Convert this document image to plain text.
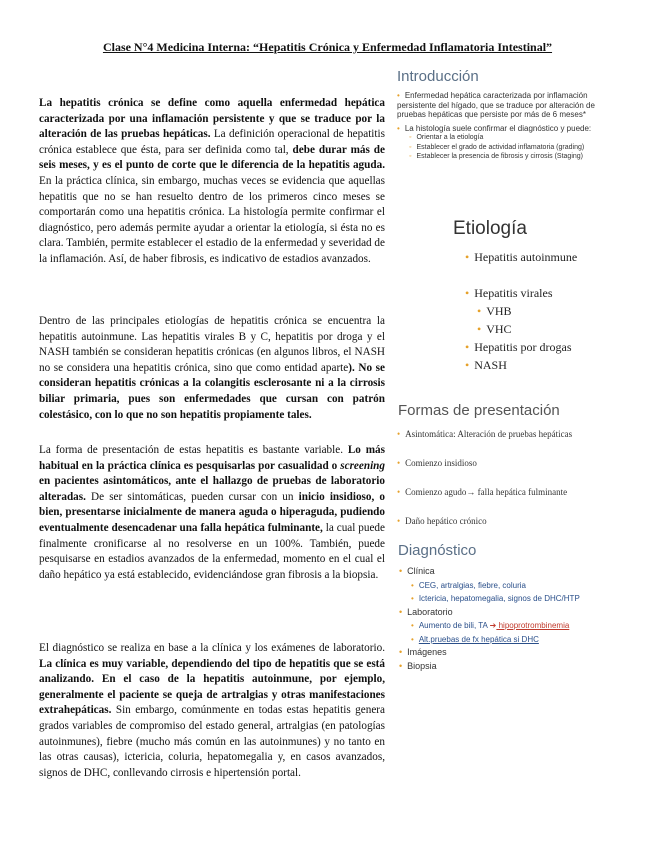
Clase N°4 Medicina Interna: “Hepatitis Crónica y Enfermedad Inflamatoria Intestinal”

La hepatitis crónica se define como aquella enfermedad hepática caracterizada por una inflamación persistente y que se traduce por la alteración de las pruebas hepáticas. La definición operacional de hepatitis crónica establece que ésta, para ser definida como tal, debe durar más de seis meses, y es el punto de corte que le diferencia de la hepatitis aguda. En la práctica clínica, sin embargo, muchas veces se evidencia que aquellas hepatitis que no se han resuelto dentro de los primeros cinco meses se comportarán como una hepatitis crónica. La histología permite confirmar el diagnóstico, pero además permite ayudar a orientar la etiología, si ésta no es clara. También, permite establecer el estadio de la enfermedad y severidad de la inflamación. Así, de haber fibrosis, es indicativo de estadios avanzados.

Dentro de las principales etiologías de hepatitis crónica se encuentra la hepatitis autoinmune. Las hepatitis virales B y C, hepatitis por droga y el NASH también se consideran hepatitis crónicas (en algunos libros, el NASH no se considera una hepatitis crónica, sino que como entidad aparte). No se consideran hepatitis crónicas a la colangitis esclerosante ni a la cirrosis biliar primaria, pues son enfermedades que cursan con patrón colestásico, con lo que no son hepatitis propiamente tales.

La forma de presentación de estas hepatitis es bastante variable. Lo más habitual en la práctica clínica es pesquisarlas por casualidad o screening en pacientes asintomáticos, ante el hallazgo de pruebas de laboratorio alteradas. De ser sintomáticas, pueden cursar con un inicio insidioso, o bien, presentarse inicialmente de manera aguda o hiperaguda, pudiendo eventualmente desencadenar una falla hepática fulminante, la cual puede finalmente cronificarse al no resolverse en un 100%. También, puede pesquisarse en estadios avanzados de la enfermedad, momento en el cual el daño hepático ya está establecido, evidenciándose gran fibrosis a la biopsia.

El diagnóstico se realiza en base a la clínica y los exámenes de laboratorio. La clínica es muy variable, dependiendo del tipo de hepatitis que se está analizando. En el caso de la hepatitis autoinmune, por ejemplo, generalmente el paciente se queja de artralgias y otras manifestaciones extrahepáticas. Sin embargo, comúnmente en todas estas hepatitis genera grados variables de compromiso del estado general, artralgias (en patologías autoinmunes), fiebre (mucho más común en las autoinmunes) y no tanto en las otras causas), ictericia, coluria, hepatomegalia y, en casos avanzados, signos de DHC, conllevando cirrosis e hipertensión portal.

Introducción
• Enfermedad hepática caracterizada por inflamación persistente del hígado, que se traduce por alteración de pruebas hepáticas que persiste por más de 6 meses*
• La histología suele confirmar el diagnóstico y puede:
◦ Orientar a la etiología
◦ Establecer el grado de actividad inflamatoria (grading)
◦ Establecer la presencia de fibrosis y cirrosis (Staging)
Etiología
• Hepatitis autoinmune
• Hepatitis virales
• VHB
• VHC
• Hepatitis por drogas
• NASH
Formas de presentación
• Asintomática: Alteración de pruebas hepáticas
• Comienzo insidioso
• Comienzo agudo→ falla hepática fulminante
• Daño hepático crónico
Diagnóstico
• Clínica
• CEG, artralgias, fiebre, coluria
• Ictericia, hepatomegalia, signos de DHC/HTP
• Laboratorio
• Aumento de bili, TA ➔ hipoprotrombinemia
• Alt.pruebas de fx hepática si DHC
• Imágenes
• Biopsia
